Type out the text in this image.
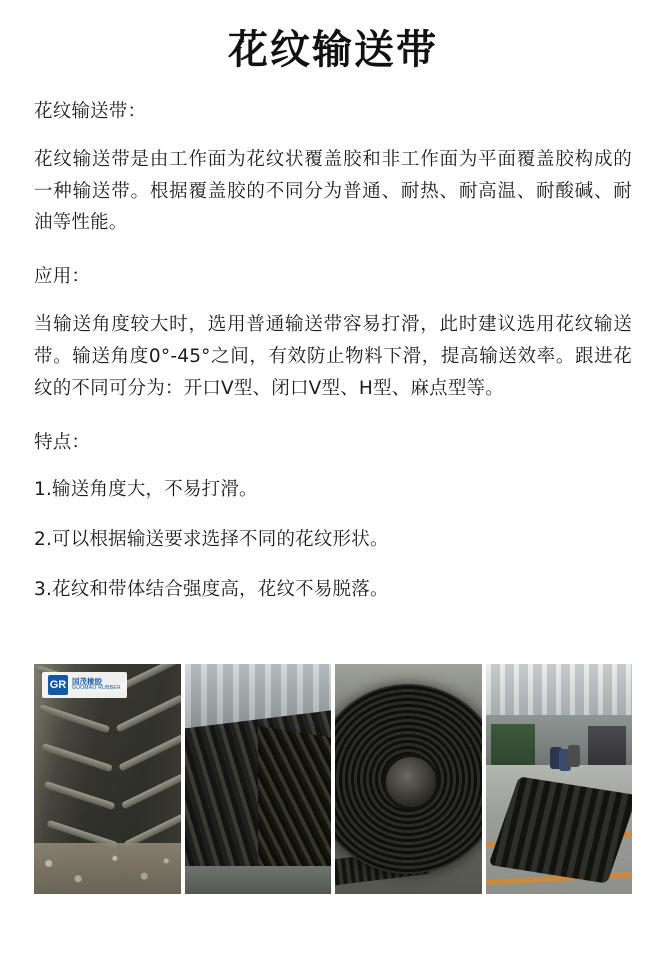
花纹输送带

花纹输送带：

花纹输送带是由工作面为花纹状覆盖胶和非工作面为平面覆盖胶构成的一种输送带。根据覆盖胶的不同分为普通、耐热、耐高温、耐酸碱、耐油等性能。

应用：

当输送角度较大时，选用普通输送带容易打滑，此时建议选用花纹输送带。输送角度0°-45°之间，有效防止物料下滑，提高输送效率。跟进花纹的不同可分为：开口V型、闭口V型、H型、麻点型等。

特点：

1.输送角度大，不易打滑。

2.可以根据输送要求选择不同的花纹形状。

3.花纹和带体结合强度高，花纹不易脱落。

GR 国茂橡胶
GUOMAO RUBBER
